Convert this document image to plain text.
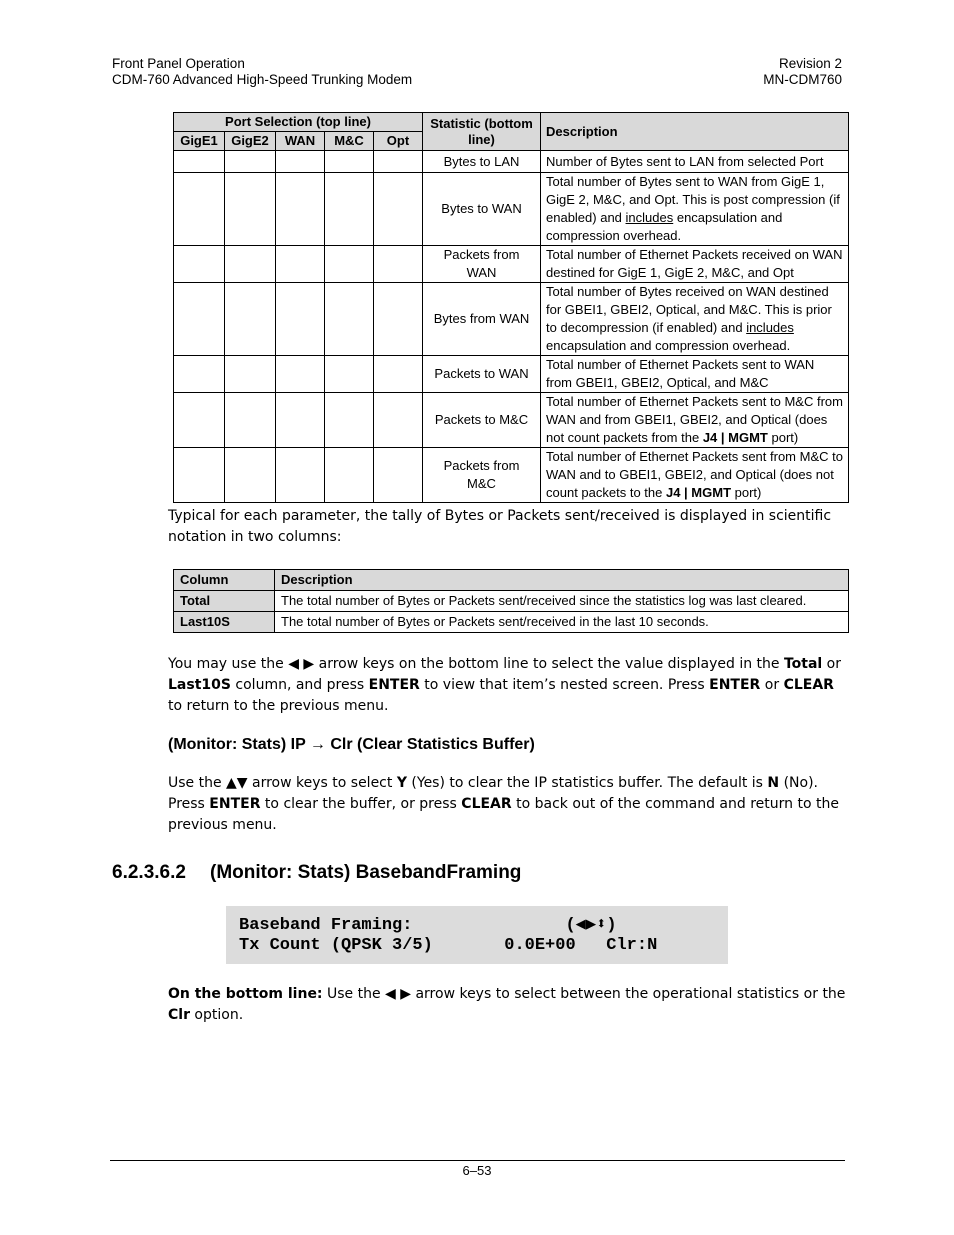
Front Panel Operation
CDM-760 Advanced High-Speed Trunking Modem
Revision 2
MN-CDM760
Port Selection (top line)					Statistic (bottom line)	Description
GigE1	GigE2	WAN	M&C	Opt		
					Bytes to LAN	Number of Bytes sent to LAN from selected Port
					Bytes to WAN	Total number of Bytes sent to WAN from GigE 1, GigE 2, M&C, and Opt. This is post compression (if enabled) and includes encapsulation and compression overhead.
					Packets from WAN	Total number of Ethernet Packets received on WAN destined for GigE 1, GigE 2, M&C, and Opt
					Bytes from WAN	Total number of Bytes received on WAN destined for GBEI1, GBEI2, Optical, and M&C. This is prior to decompression (if enabled) and includes encapsulation and compression overhead.
					Packets to WAN	Total number of Ethernet Packets sent to WAN from GBEI1, GBEI2, Optical, and M&C
					Packets to M&C	Total number of Ethernet Packets sent to M&C from WAN and from GBEI1, GBEI2, and Optical (does not count packets from the J4 | MGMT port)
					Packets from M&C	Total number of Ethernet Packets sent from M&C to WAN and to GBEI1, GBEI2, and Optical (does not count packets to the J4 | MGMT port)
Typical for each parameter, the tally of Bytes or Packets sent/received is displayed in scientific notation in two columns:
Column	Description
Total	The total number of Bytes or Packets sent/received since the statistics log was last cleared.
Last10S	The total number of Bytes or Packets sent/received in the last 10 seconds.
You may use the ◀ ▶ arrow keys on the bottom line to select the value displayed in the Total or Last10S column, and press ENTER to view that item’s nested screen. Press ENTER or CLEAR to return to the previous menu.
(Monitor: Stats) IP → Clr (Clear Statistics Buffer)
Use the ▲▼ arrow keys to select Y (Yes) to clear the IP statistics buffer. The default is N (No). Press ENTER to clear the buffer, or press CLEAR to back out of the command and return to the previous menu.
6.2.3.6.2 (Monitor: Stats) BasebandFraming
Baseband Framing:               (◀▶⬍)
Tx Count (QPSK 3/5)       0.0E+00   Clr:N
On the bottom line: Use the ◀ ▶ arrow keys to select between the operational statistics or the Clr option.
6–53
